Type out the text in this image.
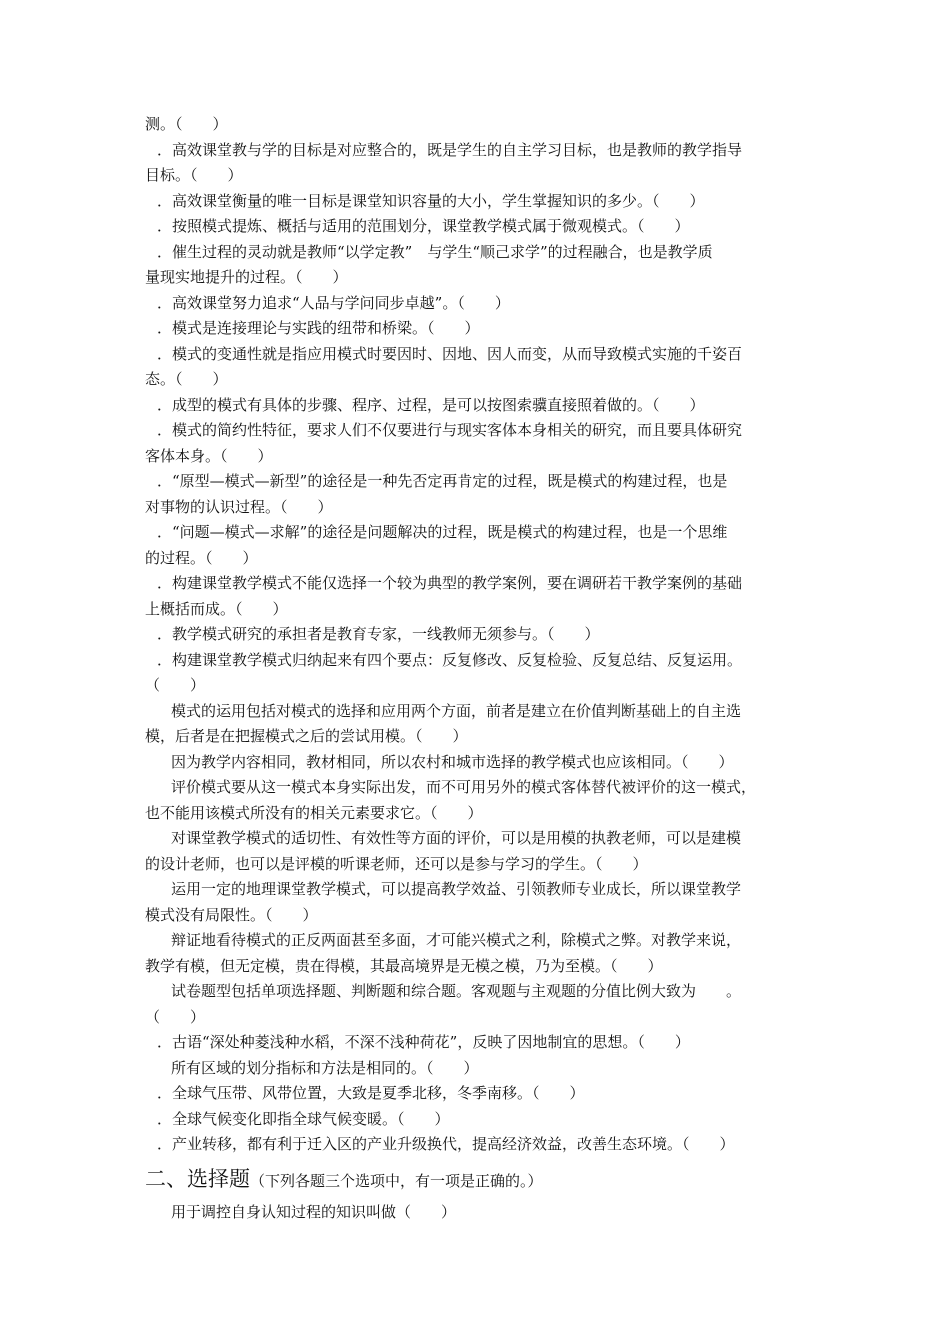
测。（　　）
．高效课堂教与学的目标是对应整合的，既是学生的自主学习目标，也是教师的教学指导
目标。（　　）
．高效课堂衡量的唯一目标是课堂知识容量的大小，学生掌握知识的多少。（　　）
．按照模式提炼、概括与适用的范围划分，课堂教学模式属于微观模式。（　　）
．催生过程的灵动就是教师“以学定教”　与学生“顺己求学”的过程融合，也是教学质
量现实地提升的过程。（　　）
．高效课堂努力追求“人品与学问同步卓越”。（　　）
．模式是连接理论与实践的纽带和桥梁。（　　）
．模式的变通性就是指应用模式时要因时、因地、因人而变，从而导致模式实施的千姿百
态。（　　）
．成型的模式有具体的步骤、程序、过程，是可以按图索骥直接照着做的。（　　）
．模式的简约性特征，要求人们不仅要进行与现实客体本身相关的研究，而且要具体研究
客体本身。（　　）
．“原型—模式—新型”的途径是一种先否定再肯定的过程，既是模式的构建过程，也是
对事物的认识过程。（　　）
．“问题—模式—求解”的途径是问题解决的过程，既是模式的构建过程，也是一个思维
的过程。（　　）
．构建课堂教学模式不能仅选择一个较为典型的教学案例，要在调研若干教学案例的基础
上概括而成。（　　）
．教学模式研究的承担者是教育专家，一线教师无须参与。（　　）
．构建课堂教学模式归纳起来有四个要点：反复修改、反复检验、反复总结、反复运用。
（　　）
模式的运用包括对模式的选择和应用两个方面，前者是建立在价值判断基础上的自主选
模，后者是在把握模式之后的尝试用模。（　　）
因为教学内容相同，教材相同，所以农村和城市选择的教学模式也应该相同。（　　）
评价模式要从这一模式本身实际出发，而不可用另外的模式客体替代被评价的这一模式，
也不能用该模式所没有的相关元素要求它。（　　）
对课堂教学模式的适切性、有效性等方面的评价，可以是用模的执教老师，可以是建模
的设计老师，也可以是评模的听课老师，还可以是参与学习的学生。（　　）
运用一定的地理课堂教学模式，可以提高教学效益、引领教师专业成长，所以课堂教学
模式没有局限性。（　　）
辩证地看待模式的正反两面甚至多面，才可能兴模式之利，除模式之弊。对教学来说，
教学有模，但无定模，贵在得模，其最高境界是无模之模，乃为至模。（　　）
试卷题型包括单项选择题、判断题和综合题。客观题与主观题的分值比例大致为　　。
（　　）
．古语“深处种菱浅种水稻，不深不浅种荷花”，反映了因地制宜的思想。（　　）
所有区域的划分指标和方法是相同的。（　　）
．全球气压带、风带位置，大致是夏季北移，冬季南移。（　　）
．全球气候变化即指全球气候变暖。（　　）
．产业转移，都有利于迁入区的产业升级换代，提高经济效益，改善生态环境。（　　）
二、选择题（下列各题三个选项中，有一项是正确的。）
用于调控自身认知过程的知识叫做（　　）
